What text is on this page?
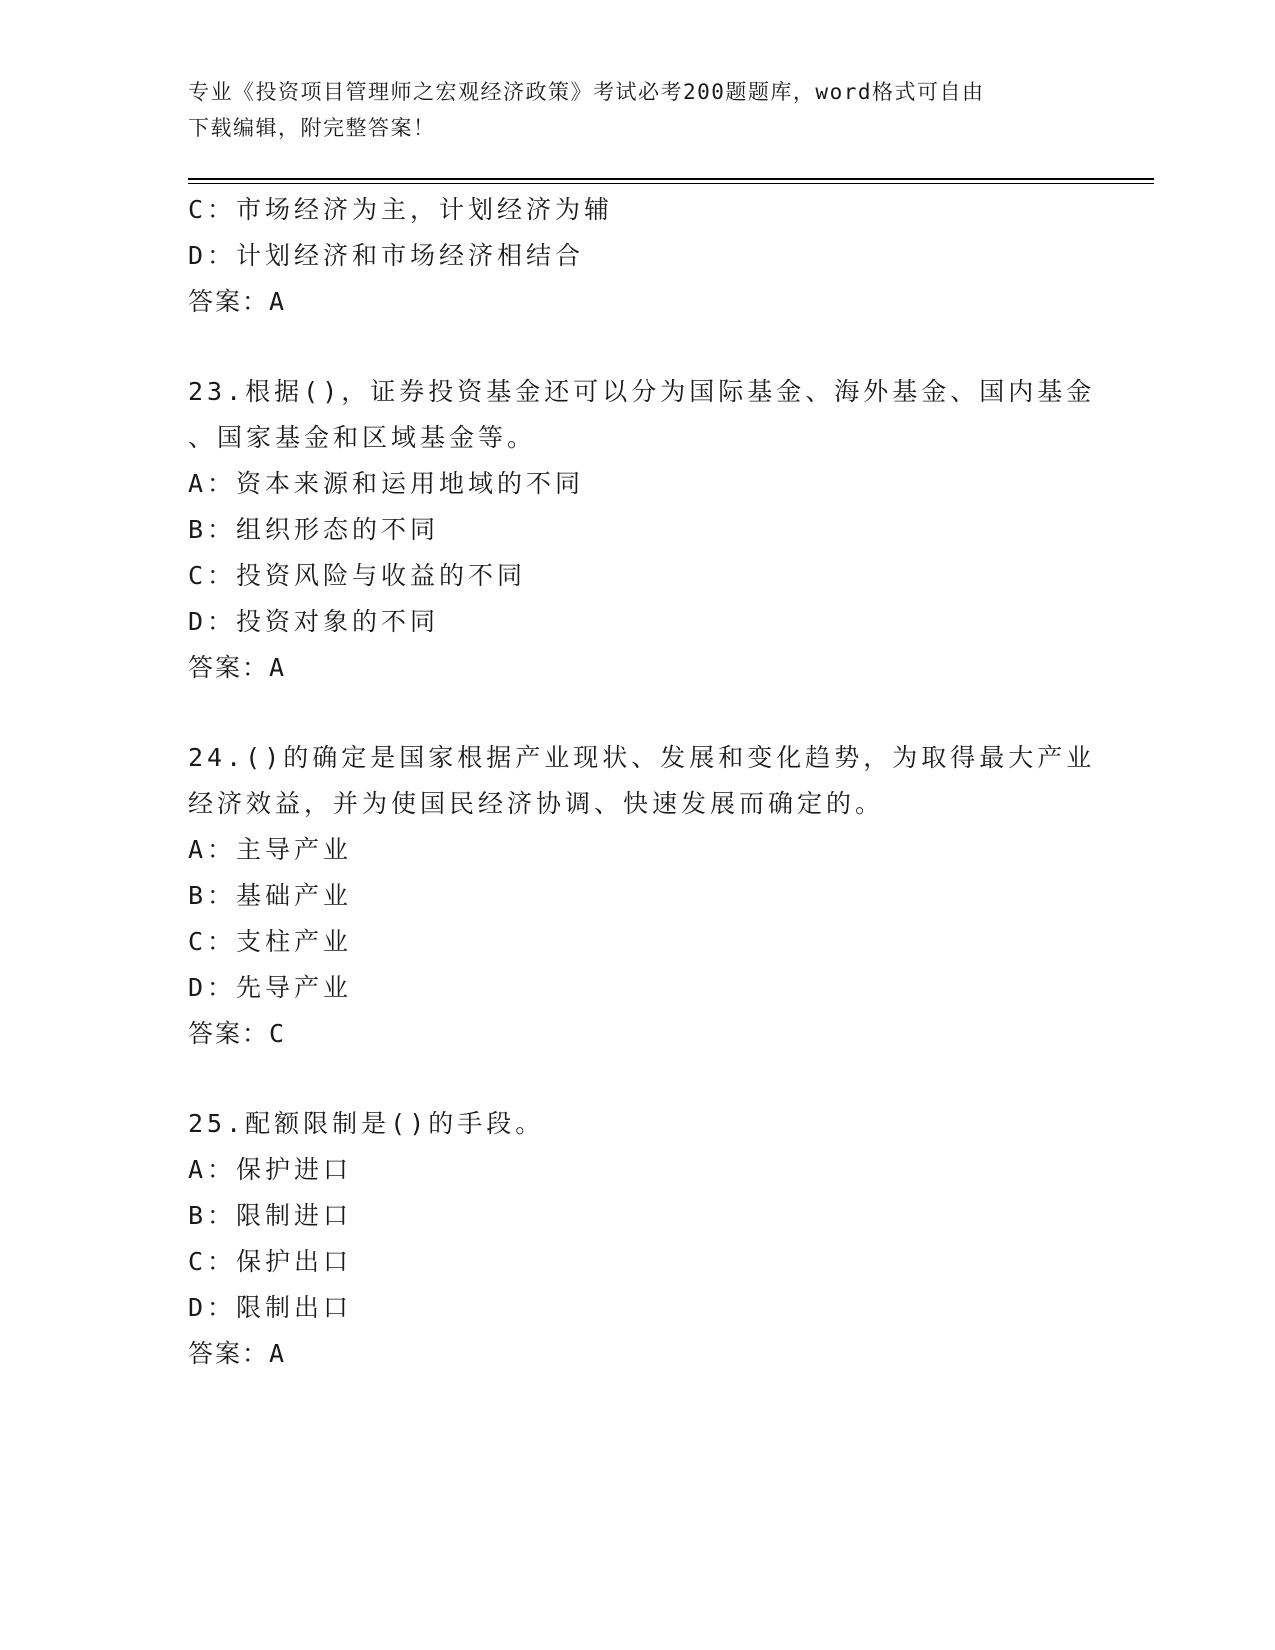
专业《投资项目管理师之宏观经济政策》考试必考200题题库，word格式可自由
下载编辑，附完整答案！
C：市场经济为主，计划经济为辅
D：计划经济和市场经济相结合
答案：A
23.根据()，证券投资基金还可以分为国际基金、海外基金、国内基金
、国家基金和区域基金等。
A：资本来源和运用地域的不同
B：组织形态的不同
C：投资风险与收益的不同
D：投资对象的不同
答案：A
24.()的确定是国家根据产业现状、发展和变化趋势，为取得最大产业
经济效益，并为使国民经济协调、快速发展而确定的。
A：主导产业
B：基础产业
C：支柱产业
D：先导产业
答案：C
25.配额限制是()的手段。
A：保护进口
B：限制进口
C：保护出口
D：限制出口
答案：A
